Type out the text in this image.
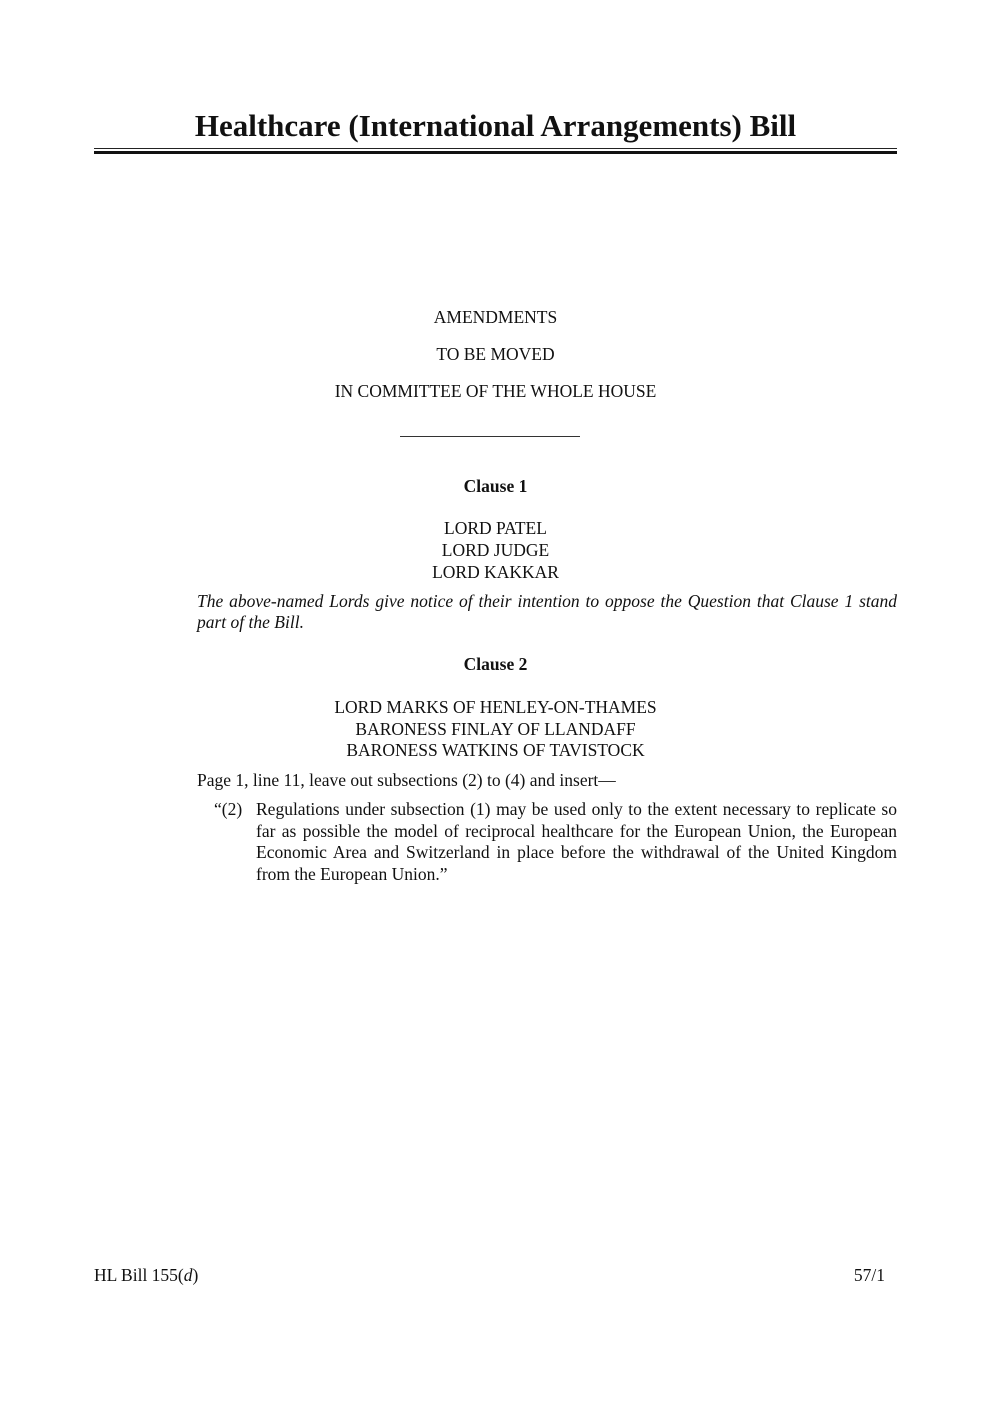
Healthcare (International Arrangements) Bill
AMENDMENTS
TO BE MOVED
IN COMMITTEE OF THE WHOLE HOUSE
Clause 1
LORD PATEL
LORD JUDGE
LORD KAKKAR
The above-named Lords give notice of their intention to oppose the Question that Clause 1 stand part of the Bill.
Clause 2
LORD MARKS OF HENLEY-ON-THAMES
BARONESS FINLAY OF LLANDAFF
BARONESS WATKINS OF TAVISTOCK
Page 1, line 11, leave out subsections (2) to (4) and insert—
“(2) Regulations under subsection (1) may be used only to the extent necessary to replicate so far as possible the model of reciprocal healthcare for the European Union, the European Economic Area and Switzerland in place before the withdrawal of the United Kingdom from the European Union.”
HL Bill 155(d)	57/1
